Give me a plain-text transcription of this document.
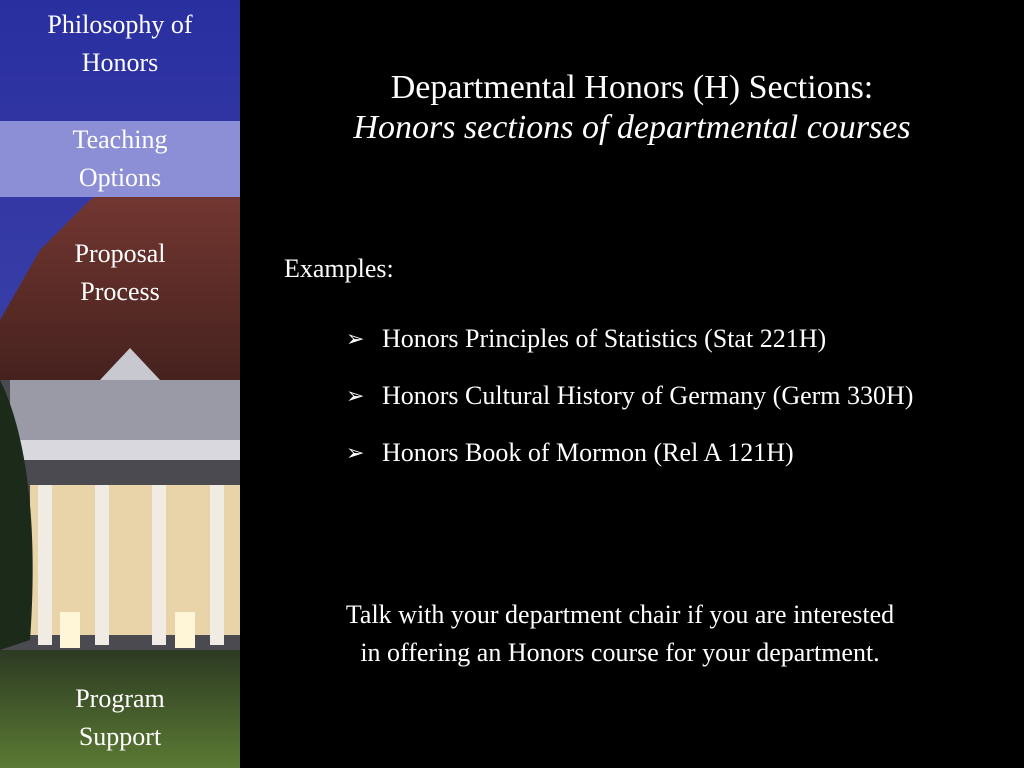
Philosophy of
Honors
Teaching
Options
Proposal
Process
Program
Support
Departmental Honors (H) Sections:
Honors sections of departmental courses
Examples:
➢ Honors Principles of Statistics (Stat 221H)
➢ Honors Cultural History of Germany (Germ 330H)
➢ Honors Book of Mormon (Rel A 121H)
Talk with your department chair if you are interested in offering an Honors course for your department.
